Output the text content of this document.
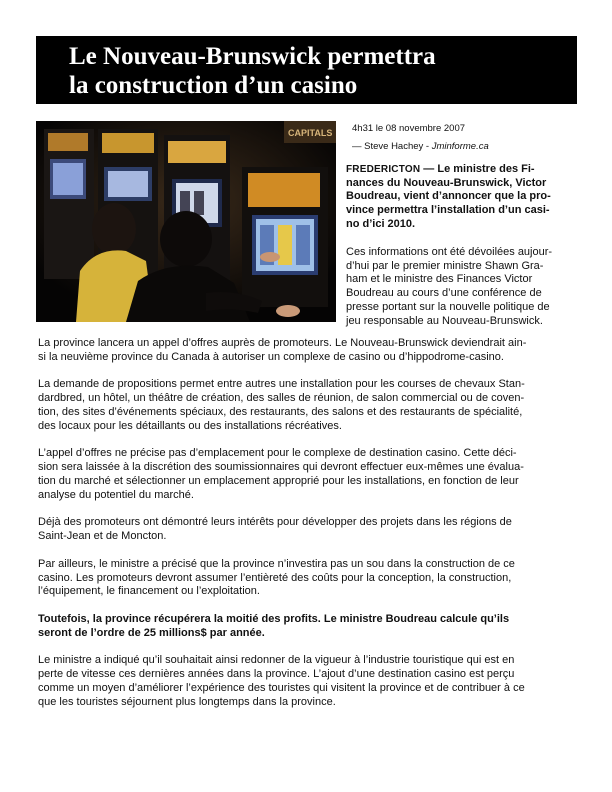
Le Nouveau-Brunswick permettra
la construction d’un casino
CAPITALS 4h31 le 08 novembre 2007
— Steve Hachey - Jminforme.ca
FREDERICTON — Le ministre des Fi-
nances du Nouveau-Brunswick, Victor
Boudreau, vient d’annoncer que la pro-
vince permettra l’installation d’un casi-
no d’ici 2010.
Ces informations ont été dévoilées aujour-
d’hui par le premier ministre Shawn Gra-
ham et le ministre des Finances Victor
Boudreau au cours d’une conférence de
presse portant sur la nouvelle politique de
jeu responsable au Nouveau-Brunswick.

La province lancera un appel d’offres auprès de promoteurs. Le Nouveau-Brunswick deviendrait ain-
si la neuvième province du Canada à autoriser un complexe de casino ou d’hippodrome-casino.

La demande de propositions permet entre autres une installation pour les courses de chevaux Stan-
dardbred, un hôtel, un théâtre de création, des salles de réunion, de salon commercial ou de coven-
tion, des sites d’événements spéciaux, des restaurants, des salons et des restaurants de spécialité,
des locaux pour les détaillants ou des installations récréatives.

L’appel d’offres ne précise pas d’emplacement pour le complexe de destination casino. Cette déci-
sion sera laissée à la discrétion des soumissionnaires qui devront effectuer eux-mêmes une évalua-
tion du marché et sélectionner un emplacement approprié pour les installations, en fonction de leur
analyse du potentiel du marché.

Déjà des promoteurs ont démontré leurs intérêts pour développer des projets dans les régions de
Saint-Jean et de Moncton.

Par ailleurs, le ministre a précisé que la province n’investira pas un sou dans la construction de ce
casino. Les promoteurs devront assumer l’entièreté des coûts pour la conception, la construction,
l’équipement, le financement ou l’exploitation.

Toutefois, la province récupérera la moitié des profits. Le ministre Boudreau calcule qu’ils
seront de l’ordre de 25 millions$ par année.

Le ministre a indiqué qu’il souhaitait ainsi redonner de la vigueur à l’industrie touristique qui est en
perte de vitesse ces dernières années dans la province. L’ajout d’une destination casino est perçu
comme un moyen d’améliorer l’expérience des touristes qui visitent la province et de contribuer à ce
que les touristes séjournent plus longtemps dans la province.
